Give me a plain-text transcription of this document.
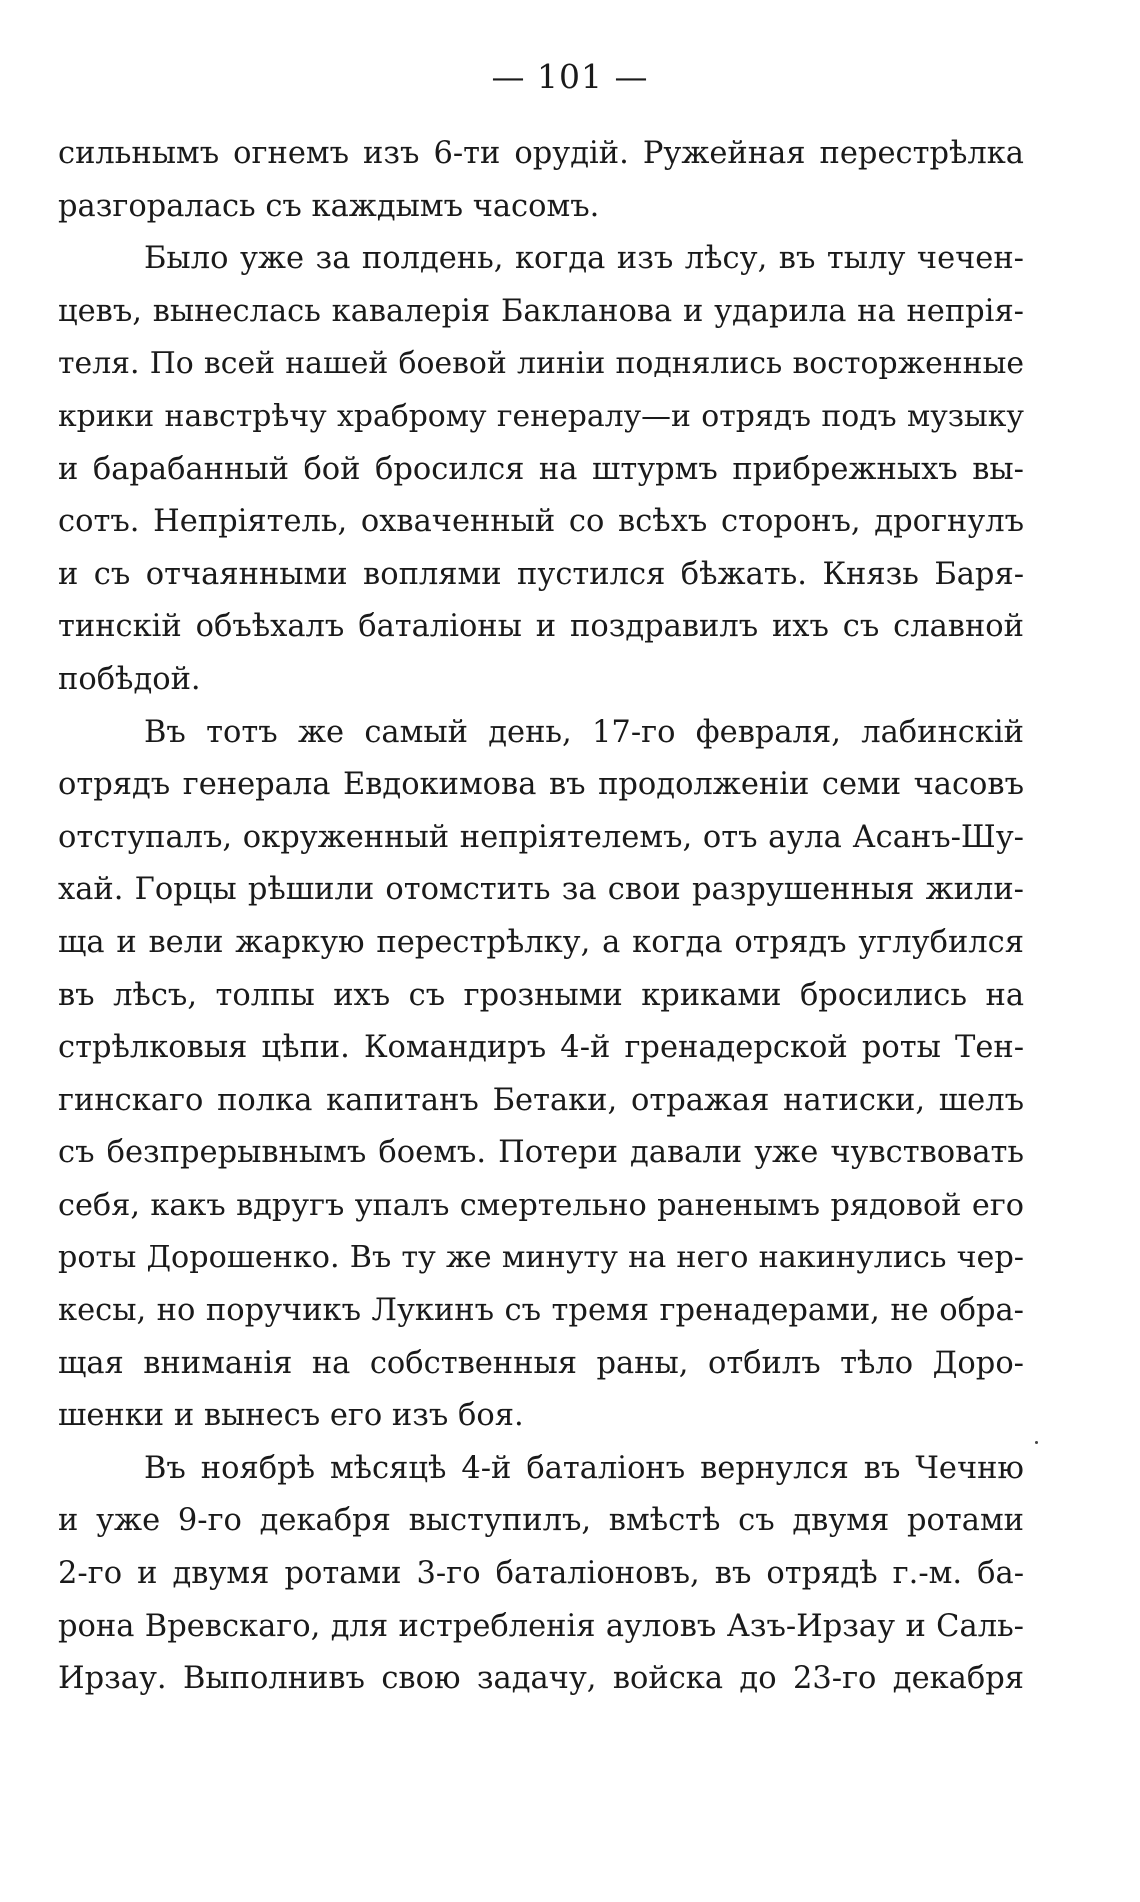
— 101 —
сильнымъ огнемъ изъ 6-ти орудій. Ружейная перестрѣлка
разгоралась съ каждымъ часомъ.
Было уже за полдень, когда изъ лѣсу, въ тылу чечен-
цевъ, вынеслась кавалерія Бакланова и ударила на непрія-
теля. По всей нашей боевой линіи поднялись восторженные
крики навстрѣчу храброму генералу—и отрядъ подъ музыку
и барабанный бой бросился на штурмъ прибрежныхъ вы-
сотъ. Непріятель, охваченный со всѣхъ сторонъ, дрогнулъ
и съ отчаянными воплями пустился бѣжать. Князь Баря-
тинскій объѣхалъ баталіоны и поздравилъ ихъ съ славной
побѣдой.
Въ тотъ же самый день, 17-го февраля, лабинскій
отрядъ генерала Евдокимова въ продолженіи семи часовъ
отступалъ, окруженный непріятелемъ, отъ аула Асанъ-Шу-
хай. Горцы рѣшили отомстить за свои разрушенныя жили-
ща и вели жаркую перестрѣлку, а когда отрядъ углубился
въ лѣсъ, толпы ихъ съ грозными криками бросились на
стрѣлковыя цѣпи. Командиръ 4-й гренадерской роты Тен-
гинскаго полка капитанъ Бетаки, отражая натиски, шелъ
съ безпрерывнымъ боемъ. Потери давали уже чувствовать
себя, какъ вдругъ упалъ смертельно раненымъ рядовой его
роты Дорошенко. Въ ту же минуту на него накинулись чер-
кесы, но поручикъ Лукинъ съ тремя гренадерами, не обра-
щая вниманія на собственныя раны, отбилъ тѣло Доро-
шенки и вынесъ его изъ боя.
Въ ноябрѣ мѣсяцѣ 4-й баталіонъ вернулся въ Чечню
и уже 9-го декабря выступилъ, вмѣстѣ съ двумя ротами
2-го и двумя ротами 3-го баталіоновъ, въ отрядѣ г.-м. ба-
рона Вревскаго, для истребленія ауловъ Азъ-Ирзау и Саль-
Ирзау. Выполнивъ свою задачу, войска до 23-го декабря
